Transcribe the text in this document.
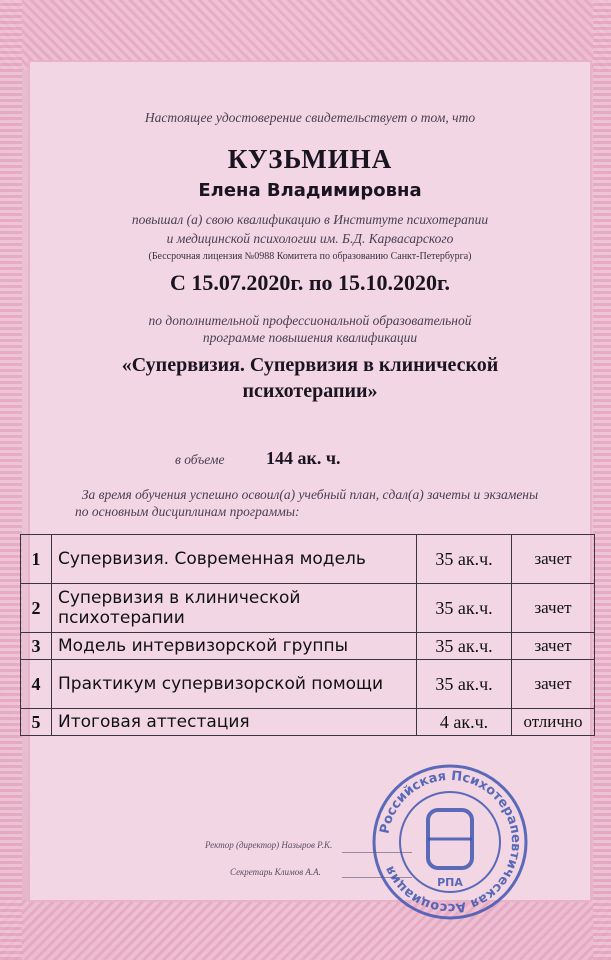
Настоящее удостоверение свидетельствует о том, что
КУЗЬМИНА
Елена Владимировна
повышал (а) свою квалификацию в Институте психотерапии
и медицинской психологии им. Б.Д. Карвасарского
(Бессрочная лицензия №0988 Комитета по образованию Санкт-Петербурга)
С 15.07.2020г. по 15.10.2020г.
по дополнительной профессиональной образовательной
программе повышения квалификации
«Супервизия. Супервизия в клинической
психотерапии»
в объеме 144 ак. ч.
За время обучения успешно освоил(а) учебный план, сдал(а) зачеты и экзамены
по основным дисциплинам программы:
1	Супервизия. Современная модель	35 ак.ч.	зачет
2	Супервизия в клинической психотерапии	35 ак.ч.	зачет
3	Модель интервизорской группы	35 ак.ч.	зачет
4	Практикум супервизорской помощи	35 ак.ч.	зачет
5	Итоговая аттестация	4 ак.ч.	отлично
Ректор (директор) Назыров Р.К.
Секретарь Климов А.А.
Российская Психотерапевтическая Ассоциация
РПА
